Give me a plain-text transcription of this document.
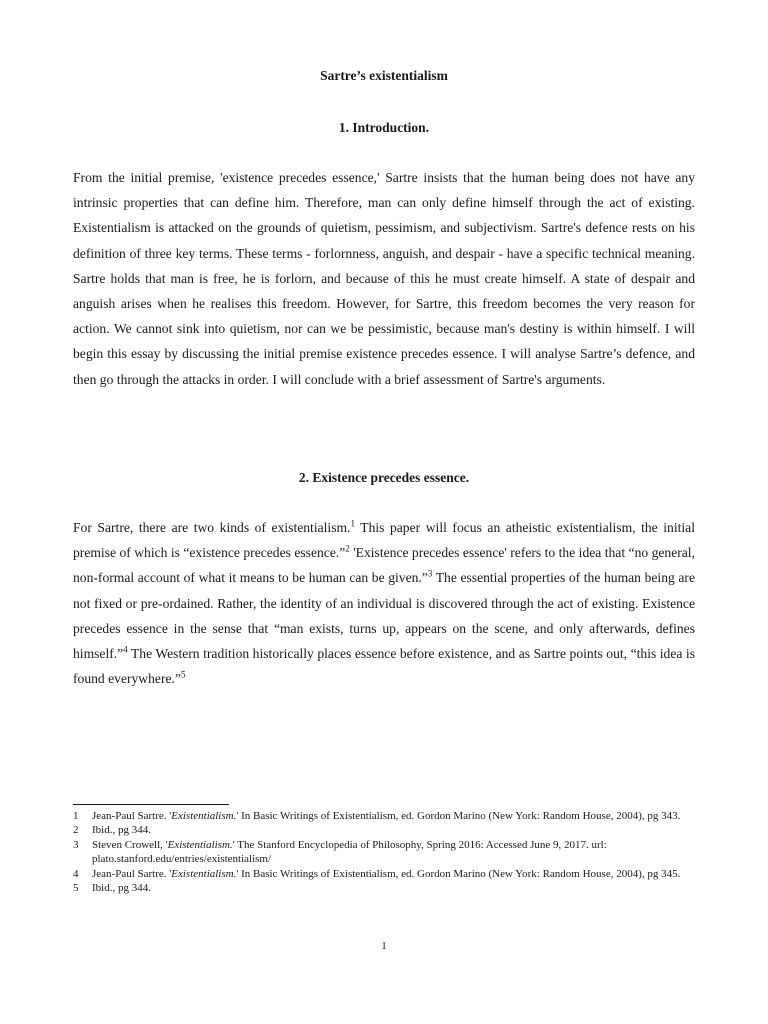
Sartre’s existentialism
1. Introduction.

From the initial premise, 'existence precedes essence,' Sartre insists that the human being does not have any intrinsic properties that can define him. Therefore, man can only define himself through the act of existing. Existentialism is attacked on the grounds of quietism, pessimism, and subjectivism. Sartre's defence rests on his definition of three key terms. These terms - forlornness, anguish, and despair - have a specific technical meaning. Sartre holds that man is free, he is forlorn, and because of this he must create himself. A state of despair and anguish arises when he realises this freedom. However, for Sartre, this freedom becomes the very reason for action. We cannot sink into quietism, nor can we be pessimistic, because man's destiny is within himself. I will begin this essay by discussing the initial premise existence precedes essence. I will analyse Sartre’s defence, and then go through the attacks in order. I will conclude with a brief assessment of Sartre's arguments.

2. Existence precedes essence.

For Sartre, there are two kinds of existentialism.$^1$ This paper will focus an atheistic existentialism, the initial premise of which is “existence precedes essence.”$^2$ 'Existence precedes essence' refers to the idea that “no general, non-formal account of what it means to be human can be given.”$^3$ The essential properties of the human being are not fixed or pre-ordained. Rather, the identity of an individual is discovered through the act of existing. Existence precedes essence in the sense that “man exists, turns up, appears on the scene, and only afterwards, defines himself.”$^4$ The Western tradition historically places essence before existence, and as Sartre points out, “this idea is found everywhere.”$^5$

1 Jean-Paul Sartre. 'Existentialism.' In Basic Writings of Existentialism, ed. Gordon Marino (New York: Random House, 2004), pg 343.
2 Ibid., pg 344.
3 Steven Crowell, 'Existentialism.' The Stanford Encyclopedia of Philosophy, Spring 2016: Accessed June 9, 2017. url: plato.stanford.edu/entries/existentialism/
4 Jean-Paul Sartre. 'Existentialism.' In Basic Writings of Existentialism, ed. Gordon Marino (New York: Random House, 2004), pg 345.
5 Ibid., pg 344.
1
